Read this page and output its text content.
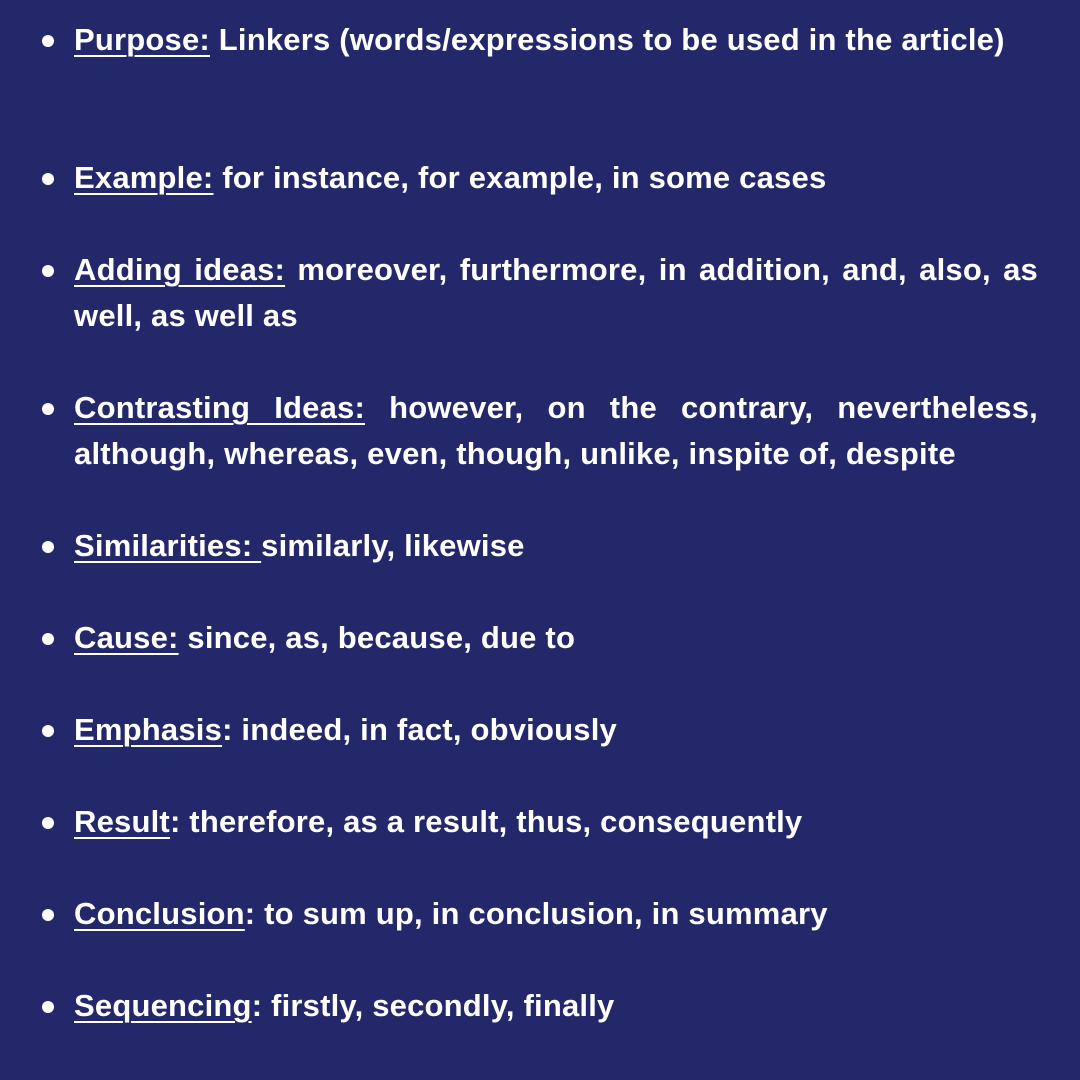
Purpose: Linkers (words/expressions to be used in the article)
Example: for instance, for example, in some cases
Adding ideas: moreover, furthermore, in addition, and, also, as well, as well as
Contrasting Ideas: however, on the contrary, nevertheless, although, whereas, even, though, unlike, inspite of, despite
Similarities: similarly, likewise
Cause: since, as, because, due to
Emphasis: indeed, in fact, obviously
Result: therefore, as a result, thus, consequently
Conclusion: to sum up, in conclusion, in summary
Sequencing: firstly, secondly, finally
